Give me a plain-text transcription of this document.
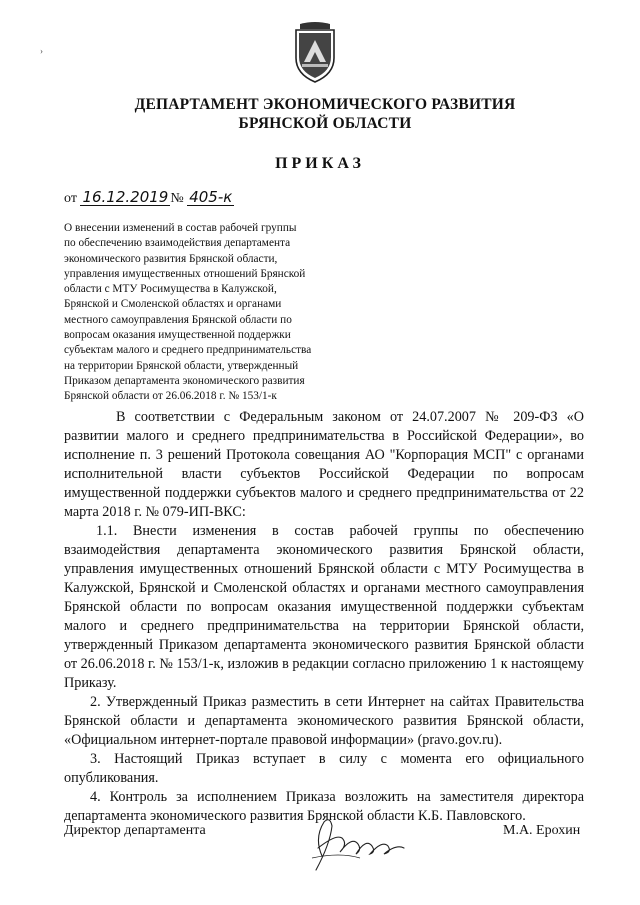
›
ДЕПАРТАМЕНТ ЭКОНОМИЧЕСКОГО РАЗВИТИЯ
БРЯНСКОЙ ОБЛАСТИ
ПРИКАЗ
от 16.12.2019 № 405-к
О внесении изменений в состав рабочей группы
по обеспечению взаимодействия департамента
экономического развития Брянской области,
управления имущественных отношений Брянской
области с МТУ Росимущества в Калужской,
Брянской и Смоленской областях и органами
местного самоуправления Брянской области по
вопросам оказания имущественной поддержки
субъектам малого и среднего предпринимательства
на территории Брянской области, утвержденный
Приказом департамента экономического развития
Брянской области от 26.06.2018 г. № 153/1-к

В соответствии с Федеральным законом от 24.07.2007 № 209-ФЗ «О развитии малого и среднего предпринимательства в Российской Федерации», во исполнение п. 3 решений Протокола совещания АО "Корпорация МСП" с органами исполнительной власти субъектов Российской Федерации по вопросам имущественной поддержки субъектов малого и среднего предпринимательства от 22 марта 2018 г. № 079-ИП-ВКС:

1.1. Внести изменения в состав рабочей группы по обеспечению взаимодействия департамента экономического развития Брянской области, управления имущественных отношений Брянской области с МТУ Росимущества в Калужской, Брянской и Смоленской областях и органами местного самоуправления Брянской области по вопросам оказания имущественной поддержки субъектам малого и среднего предпринимательства на территории Брянской области, утвержденный Приказом департамента экономического развития Брянской области от 26.06.2018 г. № 153/1-к, изложив в редакции согласно приложению 1 к настоящему Приказу.

2. Утвержденный Приказ разместить в сети Интернет на сайтах Правительства Брянской области и департамента экономического развития Брянской области, «Официальном интернет-портале правовой информации» (pravo.gov.ru).

3. Настоящий Приказ вступает в силу с момента его официального опубликования.

4. Контроль за исполнением Приказа возложить на заместителя директора департамента экономического развития Брянской области К.Б. Павловского.

Директор департамента	М.А. Ерохин
